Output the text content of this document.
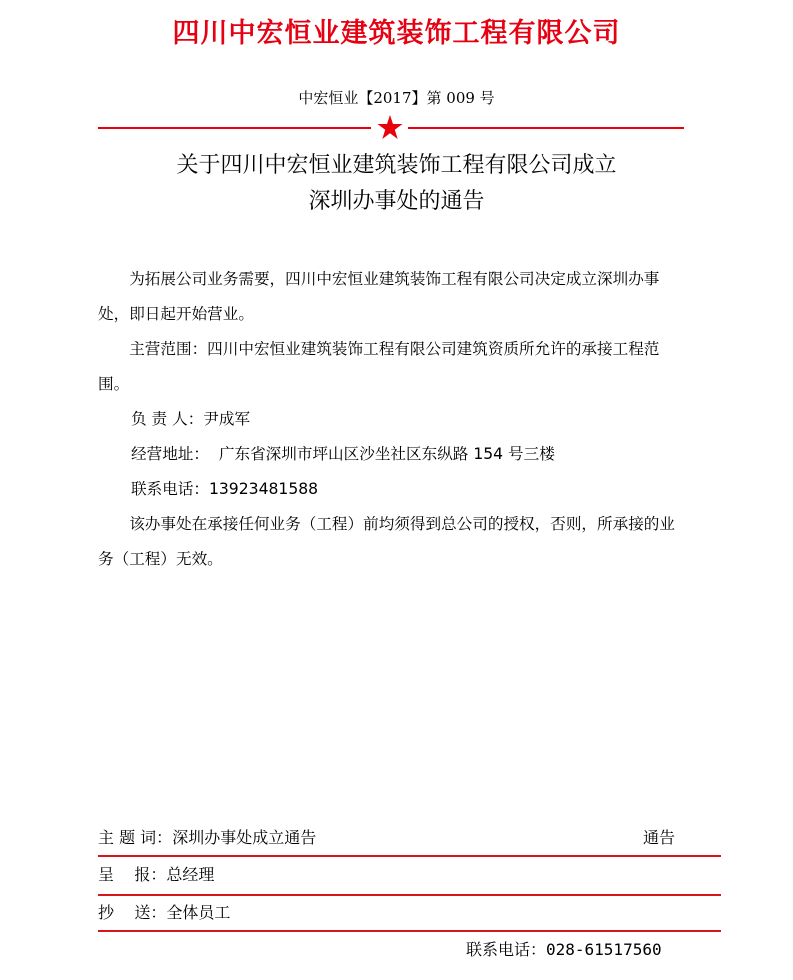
四川中宏恒业建筑装饰工程有限公司
中宏恒业【2017】第 009 号
关于四川中宏恒业建筑装饰工程有限公司成立
深圳办事处的通告

为拓展公司业务需要，四川中宏恒业建筑装饰工程有限公司决定成立深圳办事处，即日起开始营业。

主营范围：四川中宏恒业建筑装饰工程有限公司建筑资质所允许的承接工程范围。

负 责 人：尹成军

经营地址：  广东省深圳市坪山区沙坐社区东纵路 154 号三楼

联系电话：13923481588

该办事处在承接任何业务（工程）前均须得到总公司的授权，否则，所承接的业务（工程）无效。

主 题 词：深圳办事处成立通告	通告
呈    报：总经理
抄    送：全体员工
联系电话：028-61517560
